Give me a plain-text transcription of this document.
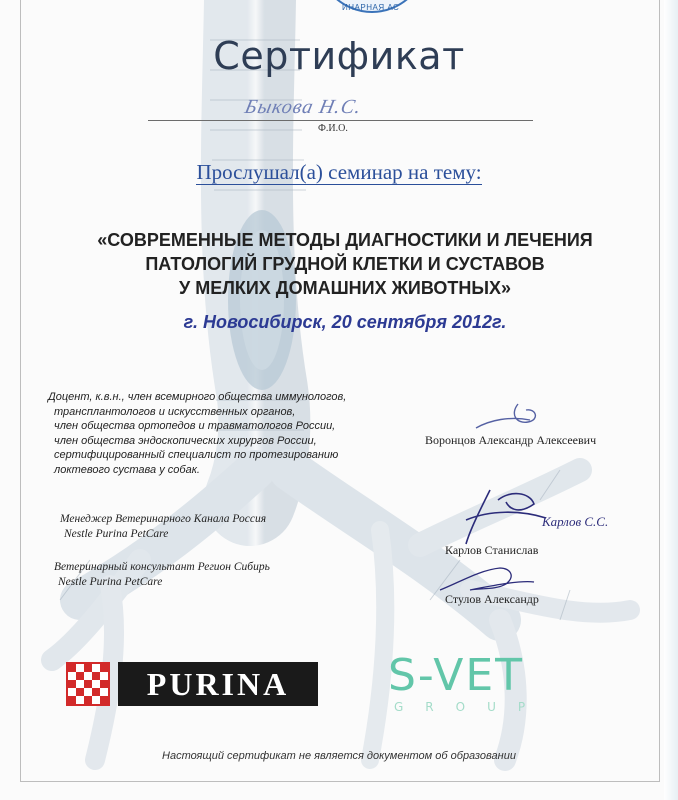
ИНАРНАЯ АС
Сертификат
Быкова Н.С.
Ф.И.О.
Прослушал(а) семинар на тему:
«СОВРЕМЕННЫЕ МЕТОДЫ ДИАГНОСТИКИ И ЛЕЧЕНИЯ
ПАТОЛОГИЙ ГРУДНОЙ КЛЕТКИ И СУСТАВОВ
У МЕЛКИХ ДОМАШНИХ ЖИВОТНЫХ»
г. Новосибирск, 20 сентября 2012г.
Доцент, к.в.н., член всемирного общества иммунологов,
трансплантологов и искусственных органов,
член общества ортопедов и травматологов России,
член общества эндоскопических хирургов России,
сертифицированный специалист по протезированию
локтевого сустава у собак.
Воронцов Александр Алексеевич
Менеджер Ветеринарного Канала Россия
Nestle Purina PetCare
Карлов С.С.
Карлов Станислав
Ветеринарный консультант Регион Сибирь
Nestle Purina PetCare
Стулов Александр
PURINA	S-VET
GROUP
Настоящий сертификат не является документом об образовании
